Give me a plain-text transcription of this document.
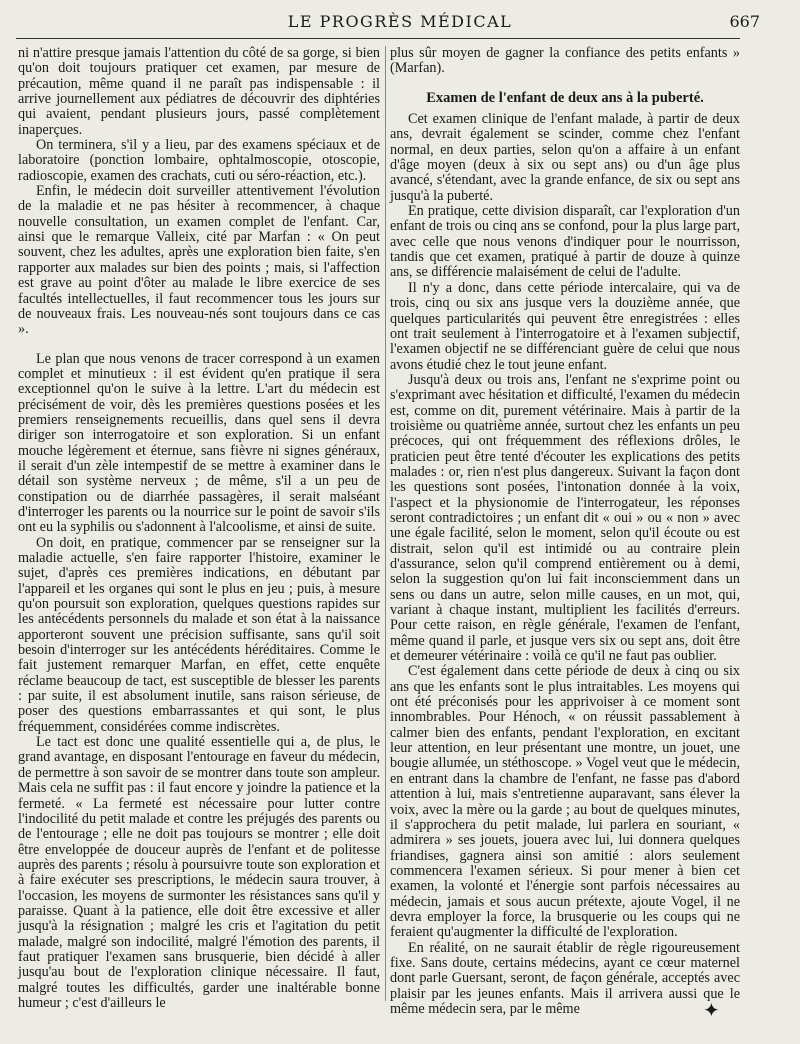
LE PROGRÈS MÉDICAL	667

ni n'attire presque jamais l'attention du côté de sa gorge, si bien qu'on doit toujours pratiquer cet examen, par mesure de précaution, même quand il ne paraît pas indispensable : il arrive journellement aux pédiatres de découvrir des diphtéries qui avaient, pendant plusieurs jours, passé complètement inaperçues.

On terminera, s'il y a lieu, par des examens spéciaux et de laboratoire (ponction lombaire, ophtalmoscopie, otoscopie, radioscopie, examen des crachats, cuti ou séro-réaction, etc.).

Enfin, le médecin doit surveiller attentivement l'évolution de la maladie et ne pas hésiter à recommencer, à chaque nouvelle consultation, un examen complet de l'enfant. Car, ainsi que le remarque Valleix, cité par Marfan : « On peut souvent, chez les adultes, après une exploration bien faite, s'en rapporter aux malades sur bien des points ; mais, si l'affection est grave au point d'ôter au malade le libre exercice de ses facultés intellectuelles, il faut recommencer tous les jours sur de nouveaux frais. Les nouveau-nés sont toujours dans ce cas ».

Le plan que nous venons de tracer correspond à un examen complet et minutieux : il est évident qu'en pratique il sera exceptionnel qu'on le suive à la lettre. L'art du médecin est précisément de voir, dès les premières questions posées et les premiers renseignements recueillis, dans quel sens il devra diriger son interrogatoire et son exploration. Si un enfant mouche légèrement et éternue, sans fièvre ni signes généraux, il serait d'un zèle intempestif de se mettre à examiner dans le détail son système nerveux ; de même, s'il a un peu de constipation ou de diarrhée passagères, il serait malséant d'interroger les parents ou la nourrice sur le point de savoir s'ils ont eu la syphilis ou s'adonnent à l'alcoolisme, et ainsi de suite.

On doit, en pratique, commencer par se renseigner sur la maladie actuelle, s'en faire rapporter l'histoire, examiner le sujet, d'après ces premières indications, en débutant par l'appareil et les organes qui sont le plus en jeu ; puis, à mesure qu'on poursuit son exploration, quelques questions rapides sur les antécédents personnels du malade et son état à la naissance apporteront souvent une précision suffisante, sans qu'il soit besoin d'interroger sur les antécédents héréditaires. Comme le fait justement remarquer Marfan, en effet, cette enquête réclame beaucoup de tact, est susceptible de blesser les parents : par suite, il est absolument inutile, sans raison sérieuse, de poser des questions embarrassantes et qui sont, le plus fréquemment, considérées comme indiscrètes.

Le tact est donc une qualité essentielle qui a, de plus, le grand avantage, en disposant l'entourage en faveur du médecin, de permettre à son savoir de se montrer dans toute son ampleur. Mais cela ne suffit pas : il faut encore y joindre la patience et la fermeté. « La fermeté est nécessaire pour lutter contre l'indocilité du petit malade et contre les préjugés des parents ou de l'entourage ; elle ne doit pas toujours se montrer ; elle doit être enveloppée de douceur auprès de l'enfant et de politesse auprès des parents ; résolu à poursuivre toute son exploration et à faire exécuter ses prescriptions, le médecin saura trouver, à l'occasion, les moyens de surmonter les résistances sans qu'il y paraisse. Quant à la patience, elle doit être excessive et aller jusqu'à la résignation ; malgré les cris et l'agitation du petit malade, malgré son indocilité, malgré l'émotion des parents, il faut pratiquer l'examen sans brusquerie, bien décidé à aller jusqu'au bout de l'exploration clinique nécessaire. Il faut, malgré toutes les difficultés, garder une inaltérable bonne humeur ; c'est d'ailleurs le

plus sûr moyen de gagner la confiance des petits enfants » (Marfan).

Examen de l'enfant de deux ans à la puberté.

Cet examen clinique de l'enfant malade, à partir de deux ans, devrait également se scinder, comme chez l'enfant normal, en deux parties, selon qu'on a affaire à un enfant d'âge moyen (deux à six ou sept ans) ou d'un âge plus avancé, s'étendant, avec la grande enfance, de six ou sept ans jusqu'à la puberté.

En pratique, cette division disparaît, car l'exploration d'un enfant de trois ou cinq ans se confond, pour la plus large part, avec celle que nous venons d'indiquer pour le nourrisson, tandis que cet examen, pratiqué à partir de douze à quinze ans, se différencie malaisément de celui de l'adulte.

Il n'y a donc, dans cette période intercalaire, qui va de trois, cinq ou six ans jusque vers la douzième année, que quelques particularités qui peuvent être enregistrées : elles ont trait seulement à l'interrogatoire et à l'examen subjectif, l'examen objectif ne se différenciant guère de celui que nous avons étudié chez le tout jeune enfant.

Jusqu'à deux ou trois ans, l'enfant ne s'exprime point ou s'exprimant avec hésitation et difficulté, l'examen du médecin est, comme on dit, purement vétérinaire. Mais à partir de la troisième ou quatrième année, surtout chez les enfants un peu précoces, qui ont fréquemment des réflexions drôles, le praticien peut être tenté d'écouter les explications des petits malades : or, rien n'est plus dangereux. Suivant la façon dont les questions sont posées, l'intonation donnée à la voix, l'aspect et la physionomie de l'interrogateur, les réponses seront contradictoires ; un enfant dit « oui » ou « non » avec une égale facilité, selon le moment, selon qu'il écoute ou est distrait, selon qu'il est intimidé ou au contraire plein d'assurance, selon qu'il comprend entièrement ou à demi, selon la suggestion qu'on lui fait inconsciemment dans un sens ou dans un autre, selon mille causes, en un mot, qui, variant à chaque instant, multiplient les facilités d'erreurs. Pour cette raison, en règle générale, l'examen de l'enfant, même quand il parle, et jusque vers six ou sept ans, doit être et demeurer vétérinaire : voilà ce qu'il ne faut pas oublier.

C'est également dans cette période de deux à cinq ou six ans que les enfants sont le plus intraitables. Les moyens qui ont été préconisés pour les apprivoiser à ce moment sont innombrables. Pour Hénoch, « on réussit passablement à calmer bien des enfants, pendant l'exploration, en excitant leur attention, en leur présentant une montre, un jouet, une bougie allumée, un stéthoscope. » Vogel veut que le médecin, en entrant dans la chambre de l'enfant, ne fasse pas d'abord attention à lui, mais s'entretienne auparavant, sans élever la voix, avec la mère ou la garde ; au bout de quelques minutes, il s'approchera du petit malade, lui parlera en souriant, « admirera » ses jouets, jouera avec lui, lui donnera quelques friandises, gagnera ainsi son amitié : alors seulement commencera l'examen sérieux. Si pour mener à bien cet examen, la volonté et l'énergie sont parfois nécessaires au médecin, jamais et sous aucun prétexte, ajoute Vogel, il ne devra employer la force, la brusquerie ou les coups qui ne feraient qu'augmenter la difficulté de l'exploration.

En réalité, on ne saurait établir de règle rigoureusement fixe. Sans doute, certains médecins, ayant ce cœur maternel dont parle Guersant, seront, de façon générale, acceptés avec plaisir par les jeunes enfants. Mais il arrivera aussi que le même médecin sera, par le même	✦
